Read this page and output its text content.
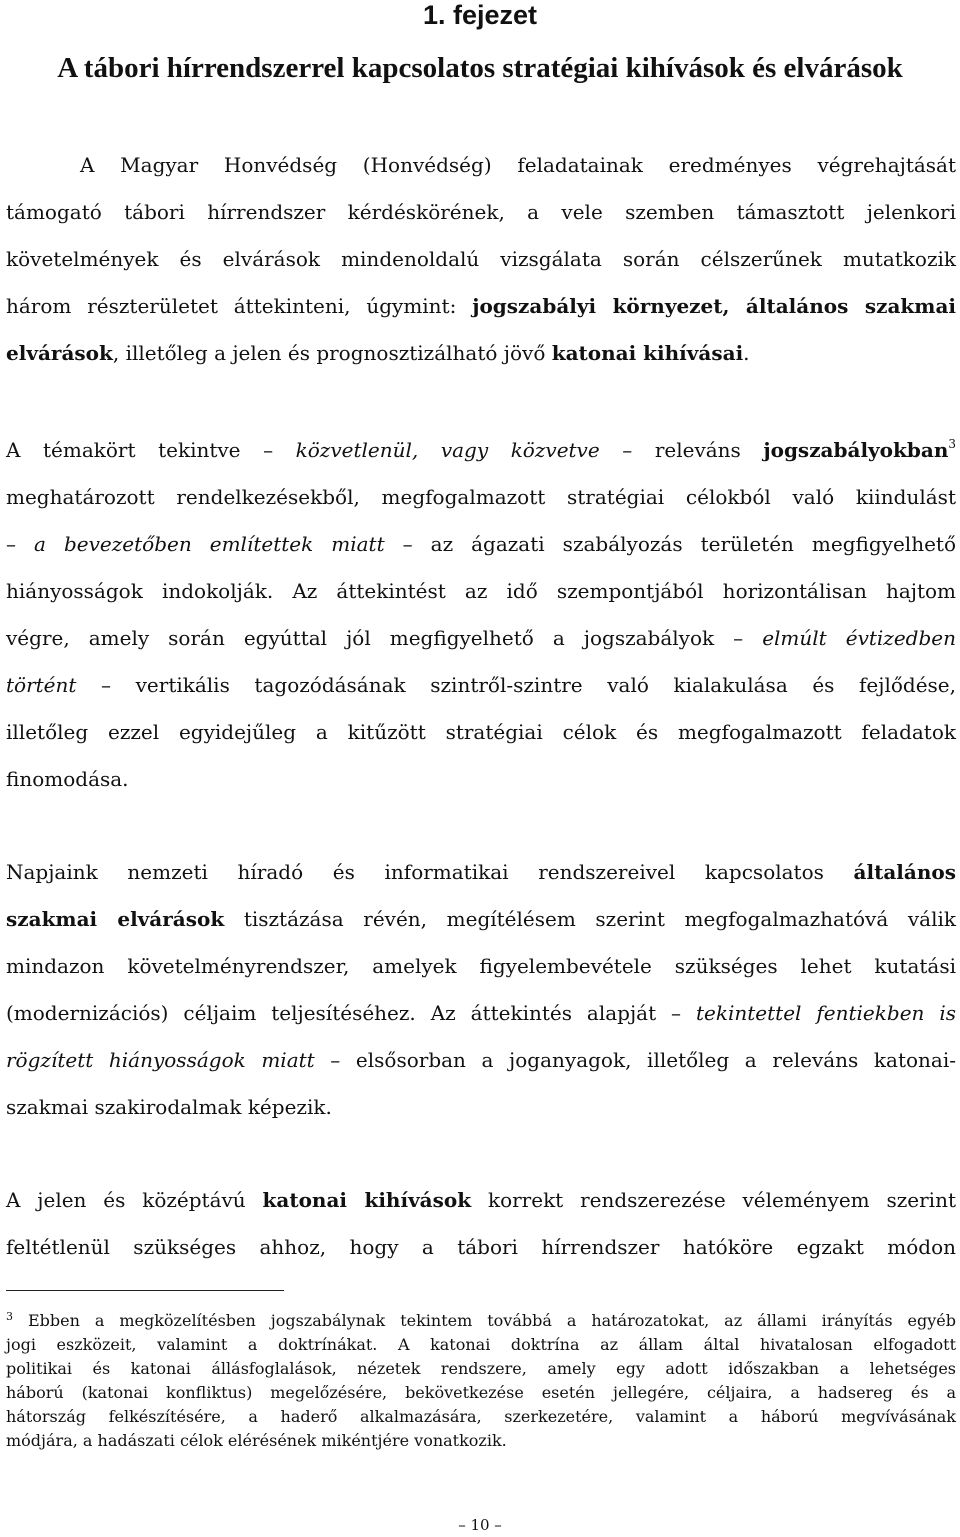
1. fejezet
A tábori hírrendszerrel kapcsolatos stratégiai kihívások és elvárások
A Magyar Honvédség (Honvédség) feladatainak eredményes végrehajtását
támogató tábori hírrendszer kérdéskörének, a vele szemben támasztott jelenkori
követelmények és elvárások mindenoldalú vizsgálata során célszerűnek mutatkozik
három részterületet áttekinteni, úgymint: jogszabályi környezet, általános szakmai
elvárások, illetőleg a jelen és prognosztizálható jövő katonai kihívásai.
A témakört tekintve – közvetlenül, vagy közvetve – releváns jogszabályokban$^3$
meghatározott rendelkezésekből, megfogalmazott stratégiai célokból való kiindulást
– a bevezetőben említettek miatt – az ágazati szabályozás területén megfigyelhető
hiányosságok indokolják. Az áttekintést az idő szempontjából horizontálisan hajtom
végre, amely során egyúttal jól megfigyelhető a jogszabályok – elmúlt évtizedben
történt – vertikális tagozódásának szintről-szintre való kialakulása és fejlődése,
illetőleg ezzel egyidejűleg a kitűzött stratégiai célok és megfogalmazott feladatok
finomodása.
Napjaink nemzeti híradó és informatikai rendszereivel kapcsolatos általános
szakmai elvárások tisztázása révén, megítélésem szerint megfogalmazhatóvá válik
mindazon követelményrendszer, amelyek figyelembevétele szükséges lehet kutatási
(modernizációs) céljaim teljesítéséhez. Az áttekintés alapját – tekintettel fentiekben is
rögzített hiányosságok miatt – elsősorban a joganyagok, illetőleg a releváns katonai-
szakmai szakirodalmak képezik.
A jelen és középtávú katonai kihívások korrekt rendszerezése véleményem szerint
feltétlenül szükséges ahhoz, hogy a tábori hírrendszer hatóköre egzakt módon
$^3$ Ebben a megközelítésben jogszabálynak tekintem továbbá a határozatokat, az állami irányítás egyéb
jogi eszközeit, valamint a doktrínákat. A katonai doktrína az állam által hivatalosan elfogadott
politikai és katonai állásfoglalások, nézetek rendszere, amely egy adott időszakban a lehetséges
háború (katonai konfliktus) megelőzésére, bekövetkezése esetén jellegére, céljaira, a hadsereg és a
hátország felkészítésére, a haderő alkalmazására, szerkezetére, valamint a háború megvívásának
módjára, a hadászati célok elérésének mikéntjére vonatkozik.
– 10 –
